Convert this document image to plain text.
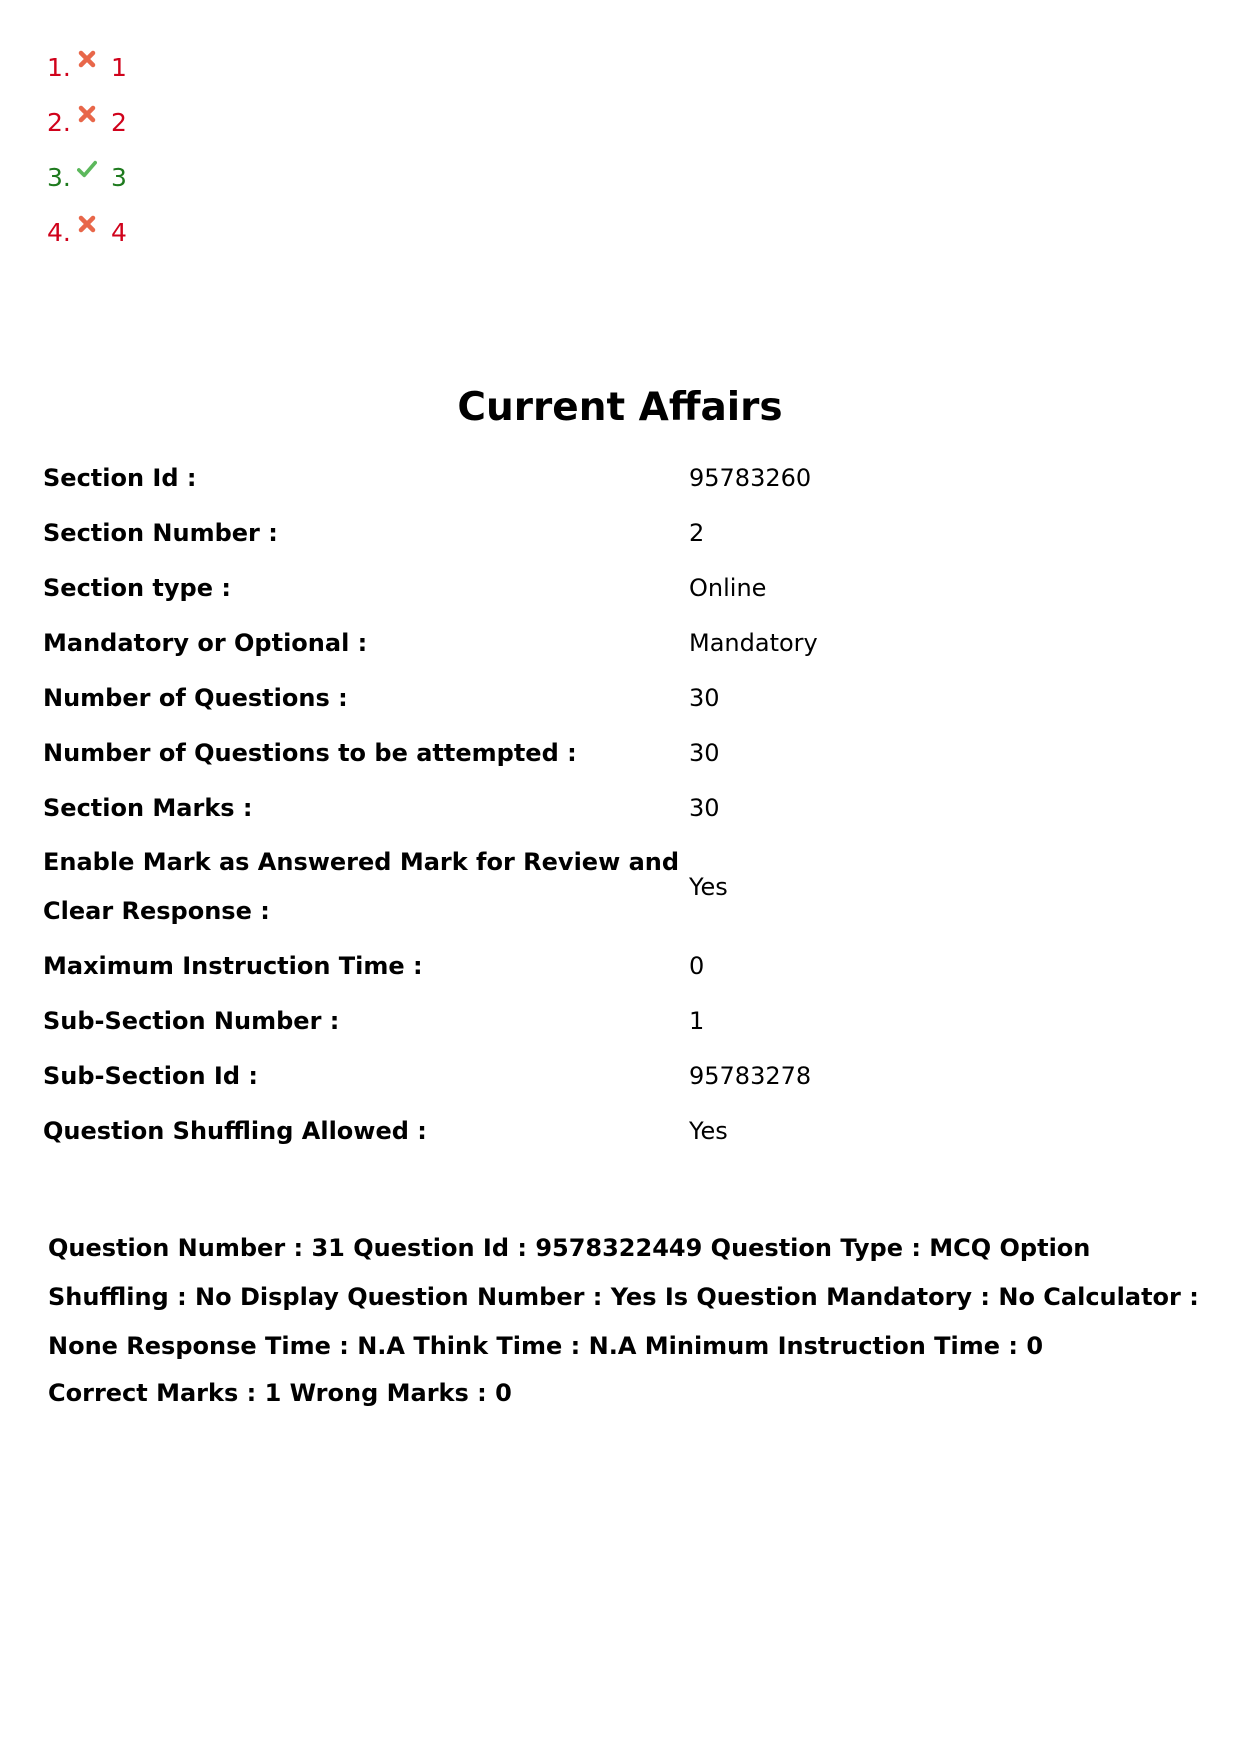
1. 1
2. 2
3. 3
4. 4
Current Affairs
Section Id :	95783260
Section Number :	2
Section type :	Online
Mandatory or Optional :	Mandatory
Number of Questions :	30
Number of Questions to be attempted :	30
Section Marks :	30
Enable Mark as Answered Mark for Review and Clear Response :	Yes
Maximum Instruction Time :	0
Sub-Section Number :	1
Sub-Section Id :	95783278
Question Shuffling Allowed :	Yes
Question Number : 31 Question Id : 9578322449 Question Type : MCQ Option Shuffling : No Display Question Number : Yes Is Question Mandatory : No Calculator : None Response Time : N.A Think Time : N.A Minimum Instruction Time : 0
Correct Marks : 1 Wrong Marks : 0
